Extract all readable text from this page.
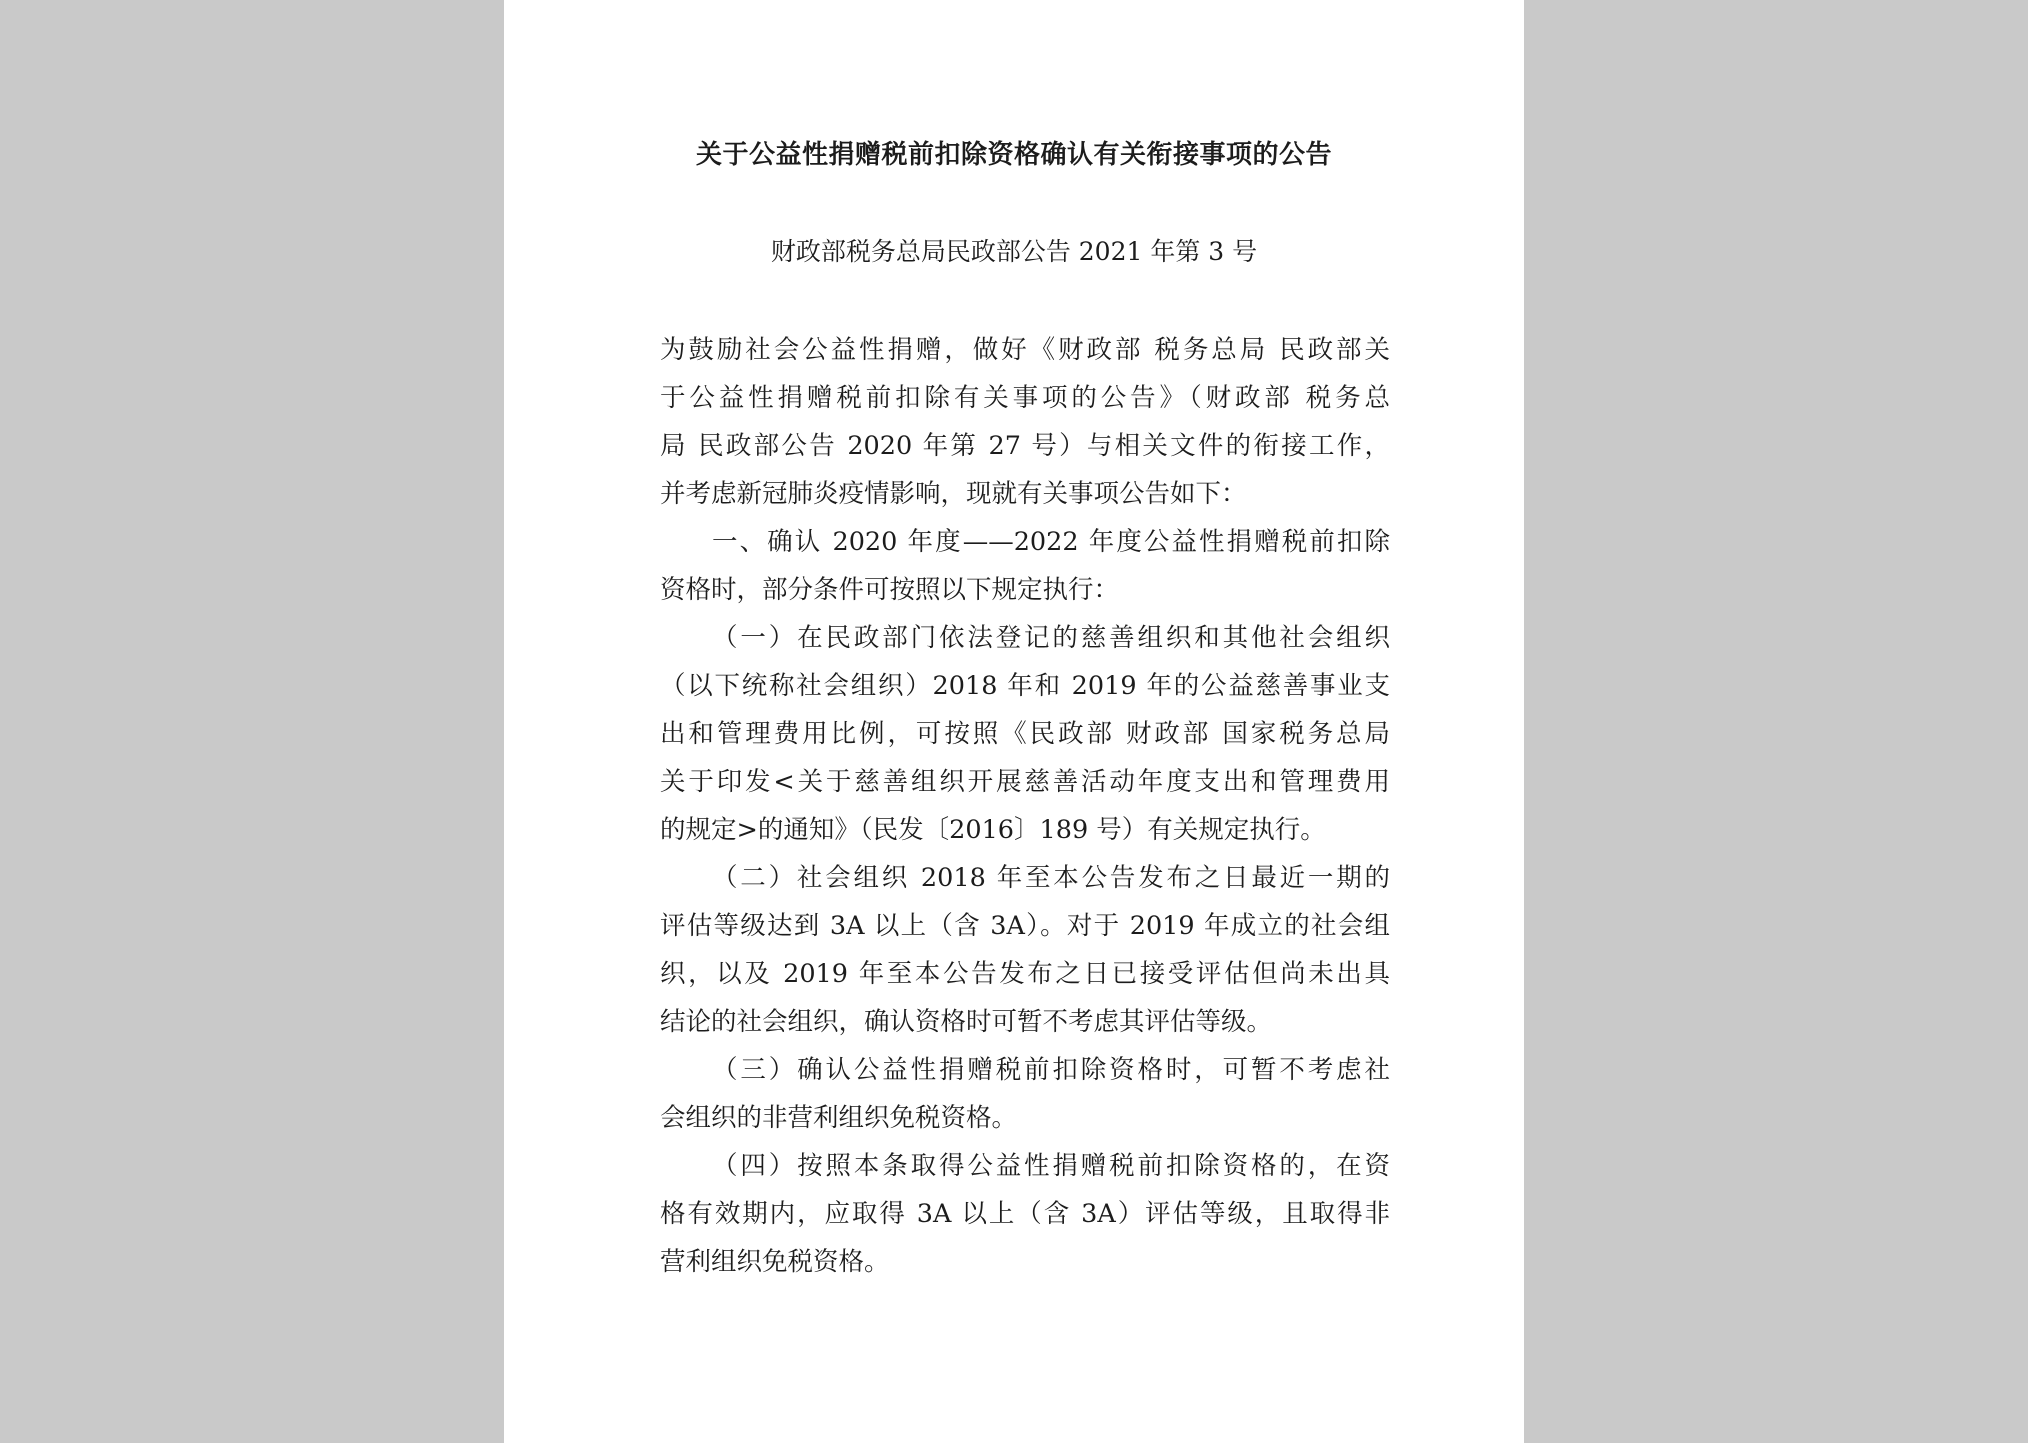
关于公益性捐赠税前扣除资格确认有关衔接事项的公告
财政部税务总局民政部公告 2021 年第 3 号
为鼓励社会公益性捐赠，做好《财政部 税务总局 民政部关
于公益性捐赠税前扣除有关事项的公告》（财政部 税务总
局 民政部公告 2020 年第 27 号）与相关文件的衔接工作，
并考虑新冠肺炎疫情影响，现就有关事项公告如下：
一、确认 2020 年度——2022 年度公益性捐赠税前扣除
资格时，部分条件可按照以下规定执行：
（一）在民政部门依法登记的慈善组织和其他社会组织
（以下统称社会组织）2018 年和 2019 年的公益慈善事业支
出和管理费用比例，可按照《民政部 财政部 国家税务总局
关于印发<关于慈善组织开展慈善活动年度支出和管理费用
的规定>的通知》（民发〔2016〕189 号）有关规定执行。
（二）社会组织 2018 年至本公告发布之日最近一期的
评估等级达到 3A 以上（含 3A）。对于 2019 年成立的社会组
织，以及 2019 年至本公告发布之日已接受评估但尚未出具
结论的社会组织，确认资格时可暂不考虑其评估等级。
（三）确认公益性捐赠税前扣除资格时，可暂不考虑社
会组织的非营利组织免税资格。
（四）按照本条取得公益性捐赠税前扣除资格的，在资
格有效期内，应取得 3A 以上（含 3A）评估等级，且取得非
营利组织免税资格。
